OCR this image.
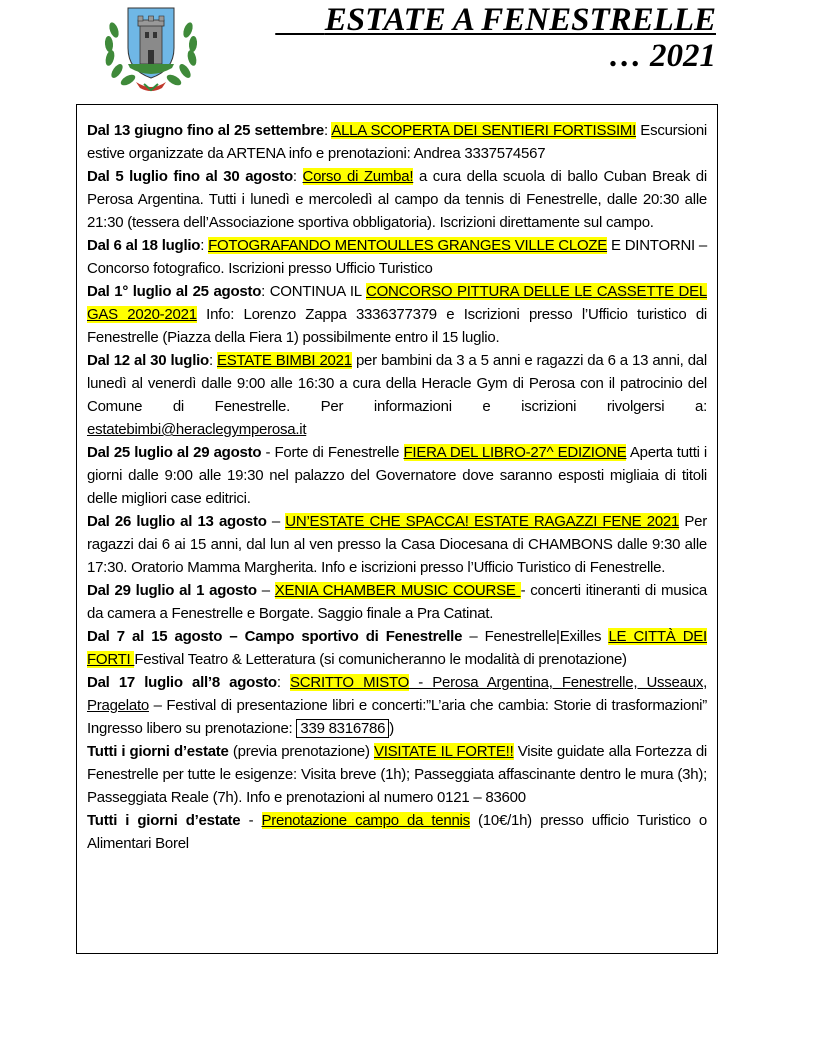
ESTATE A FENESTRELLE
… 2021

Dal 13 giugno fino al 25 settembre: ALLA SCOPERTA DEI SENTIERI FORTISSIMI Escursioni estive organizzate da ARTENA info e prenotazioni: Andrea 3337574567

Dal 5 luglio fino al 30 agosto: Corso di Zumba! a cura della scuola di ballo Cuban Break di Perosa Argentina. Tutti i lunedì e mercoledì al campo da tennis di Fenestrelle, dalle 20:30 alle 21:30 (tessera dell’Associazione sportiva obbligatoria). Iscrizioni direttamente sul campo.

Dal 6 al 18 luglio: FOTOGRAFANDO MENTOULLES GRANGES VILLE CLOZE E DINTORNI – Concorso fotografico. Iscrizioni presso Ufficio Turistico

Dal 1° luglio al 25 agosto: CONTINUA IL CONCORSO PITTURA DELLE LE CASSETTE DEL GAS 2020-2021 Info: Lorenzo Zappa 3336377379 e Iscrizioni presso l’Ufficio turistico di Fenestrelle (Piazza della Fiera 1) possibilmente entro il 15 luglio.

Dal 12 al 30 luglio: ESTATE BIMBI 2021 per bambini da 3 a 5 anni e ragazzi da 6 a 13 anni, dal lunedì al venerdì dalle 9:00 alle 16:30 a cura della Heracle Gym di Perosa con il patrocinio del Comune di Fenestrelle. Per informazioni e iscrizioni rivolgersi a: estatebimbi@heraclegymperosa.it

Dal 25 luglio al 29 agosto - Forte di Fenestrelle FIERA DEL LIBRO-27^ EDIZIONE Aperta tutti i giorni dalle 9:00 alle 19:30 nel palazzo del Governatore dove saranno esposti migliaia di titoli delle migliori case editrici.

Dal 26 luglio al 13 agosto – UN’ESTATE CHE SPACCA! ESTATE RAGAZZI FENE 2021 Per ragazzi dai 6 ai 15 anni, dal lun al ven presso la Casa Diocesana di CHAMBONS dalle 9:30 alle 17:30. Oratorio Mamma Margherita. Info e iscrizioni presso l’Ufficio Turistico di Fenestrelle.

Dal 29 luglio al 1 agosto – XENIA CHAMBER MUSIC COURSE - concerti itineranti di musica da camera a Fenestrelle e Borgate. Saggio finale a Pra Catinat.

Dal 7 al 15 agosto – Campo sportivo di Fenestrelle – Fenestrelle|Exilles LE CITTÀ DEI FORTI Festival Teatro & Letteratura (si comunicheranno le modalità di prenotazione)

Dal 17 luglio all’8 agosto: SCRITTO MISTO - Perosa Argentina, Fenestrelle, Usseaux, Pragelato – Festival di presentazione libri e concerti:”L’aria che cambia: Storie di trasformazioni” Ingresso libero su prenotazione: 339 8316786 )

Tutti i giorni d’estate (previa prenotazione) VISITATE IL FORTE!! Visite guidate alla Fortezza di Fenestrelle per tutte le esigenze: Visita breve (1h); Passeggiata affascinante dentro le mura (3h); Passeggiata Reale (7h). Info e prenotazioni al numero 0121 – 83600

Tutti i giorni d’estate - Prenotazione campo da tennis (10€/1h) presso ufficio Turistico o Alimentari Borel
